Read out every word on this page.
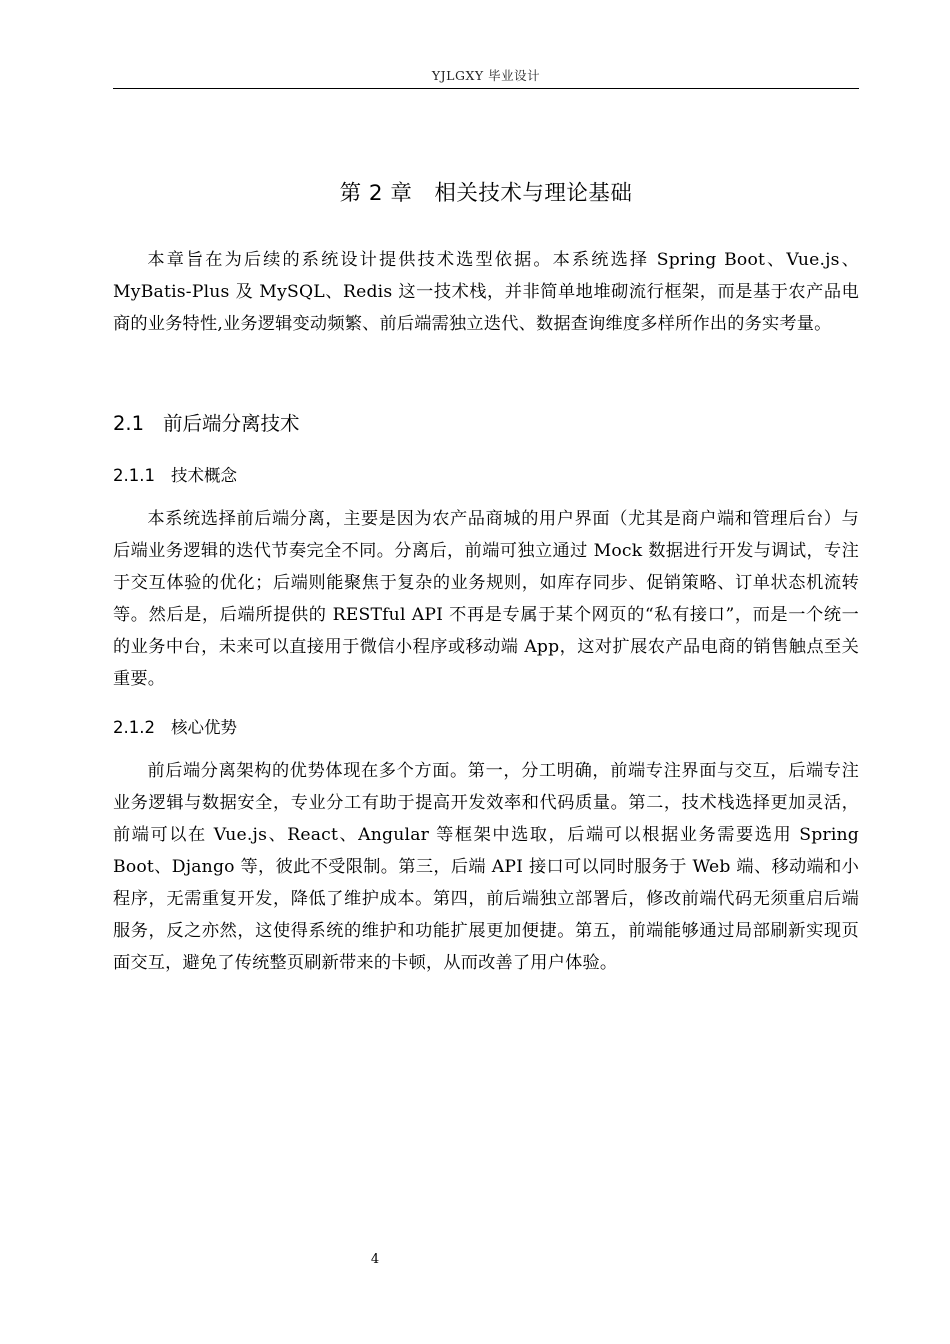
YJLGXY 毕业设计
第 2 章　相关技术与理论基础

本章旨在为后续的系统设计提供技术选型依据。本系统选择 Spring Boot、Vue.js、MyBatis-Plus 及 MySQL、Redis 这一技术栈，并非简单地堆砌流行框架，而是基于农产品电商的业务特性,业务逻辑变动频繁、前后端需独立迭代、数据查询维度多样所作出的务实考量。

2.1 前后端分离技术
2.1.1 技术概念

本系统选择前后端分离，主要是因为农产品商城的用户界面（尤其是商户端和管理后台）与后端业务逻辑的迭代节奏完全不同。分离后，前端可独立通过 Mock 数据进行开发与调试，专注于交互体验的优化；后端则能聚焦于复杂的业务规则，如库存同步、促销策略、订单状态机流转等。然后是，后端所提供的 RESTful API 不再是专属于某个网页的“私有接口”，而是一个统一的业务中台，未来可以直接用于微信小程序或移动端 App，这对扩展农产品电商的销售触点至关重要。

2.1.2 核心优势

前后端分离架构的优势体现在多个方面。第一，分工明确，前端专注界面与交互，后端专注业务逻辑与数据安全，专业分工有助于提高开发效率和代码质量。第二，技术栈选择更加灵活，前端可以在 Vue.js、React、Angular 等框架中选取，后端可以根据业务需要选用 Spring Boot、Django 等，彼此不受限制。第三，后端 API 接口可以同时服务于 Web 端、移动端和小程序，无需重复开发，降低了维护成本。第四，前后端独立部署后，修改前端代码无须重启后端服务，反之亦然，这使得系统的维护和功能扩展更加便捷。第五，前端能够通过局部刷新实现页面交互，避免了传统整页刷新带来的卡顿，从而改善了用户体验。

4
